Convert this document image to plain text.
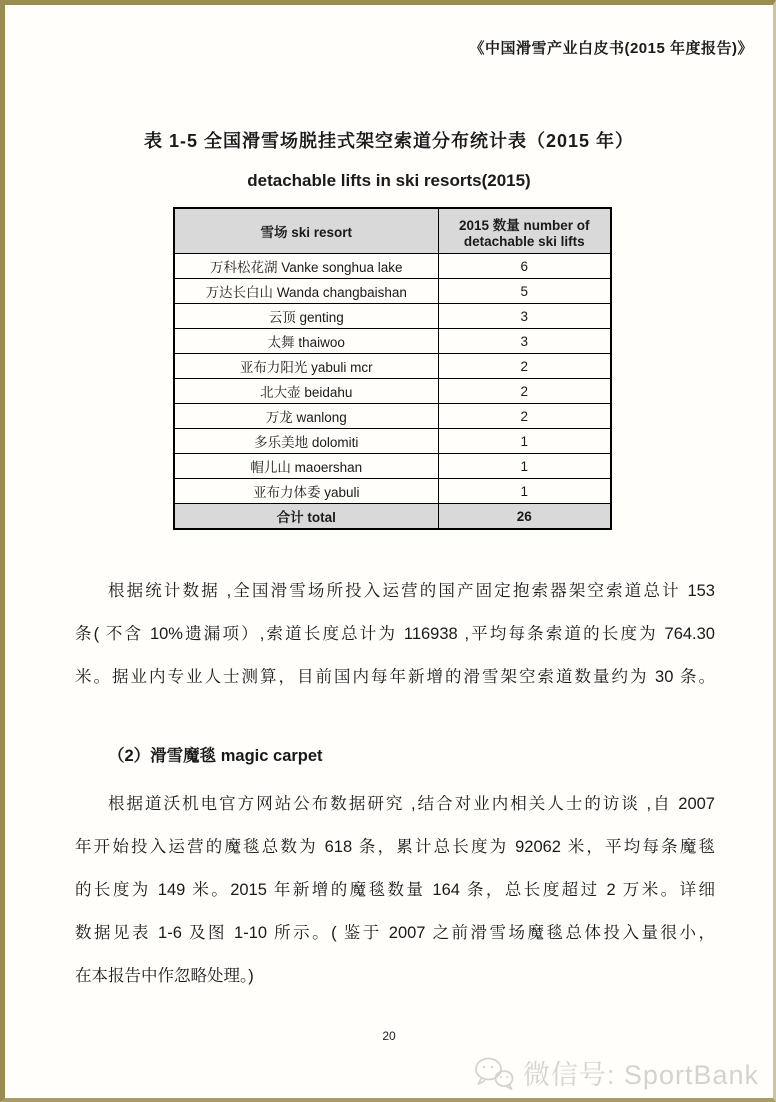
《中国滑雪产业白皮书(2015 年度报告)》
表 1-5 全国滑雪场脱挂式架空索道分布统计表（2015 年）
detachable lifts in ski resorts(2015)
雪场 ski resort	2015 数量 number of
detachable ski lifts

万科松花湖 Vanke songhua lake	6
万达长白山 Wanda changbaishan	5
云顶 genting	3
太舞 thaiwoo	3
亚布力阳光 yabuli mcr	2
北大壶 beidahu	2
万龙 wanlong	2
多乐美地 dolomiti	1
帽儿山 maoershan	1
亚布力体委 yabuli	1
合计 total	26
根据统计数据 ,全国滑雪场所投入运营的国产固定抱索器架空索道总计 153
条( 不含 10%遗漏项）,索道长度总计为 116938 ,平均每条索道的长度为 764.30
米。据业内专业人士测算，目前国内每年新增的滑雪架空索道数量约为 30 条。
（2）滑雪魔毯 magic carpet
根据道沃机电官方网站公布数据研究 ,结合对业内相关人士的访谈 ,自 2007
年开始投入运营的魔毯总数为 618 条，累计总长度为 92062 米，平均每条魔毯
的长度为 149 米。2015 年新增的魔毯数量 164 条，总长度超过 2 万米。详细
数据见表 1-6 及图 1-10 所示。( 鉴于 2007 之前滑雪场魔毯总体投入量很小，
在本报告中作忽略处理。)
20
微信号: SportBank
